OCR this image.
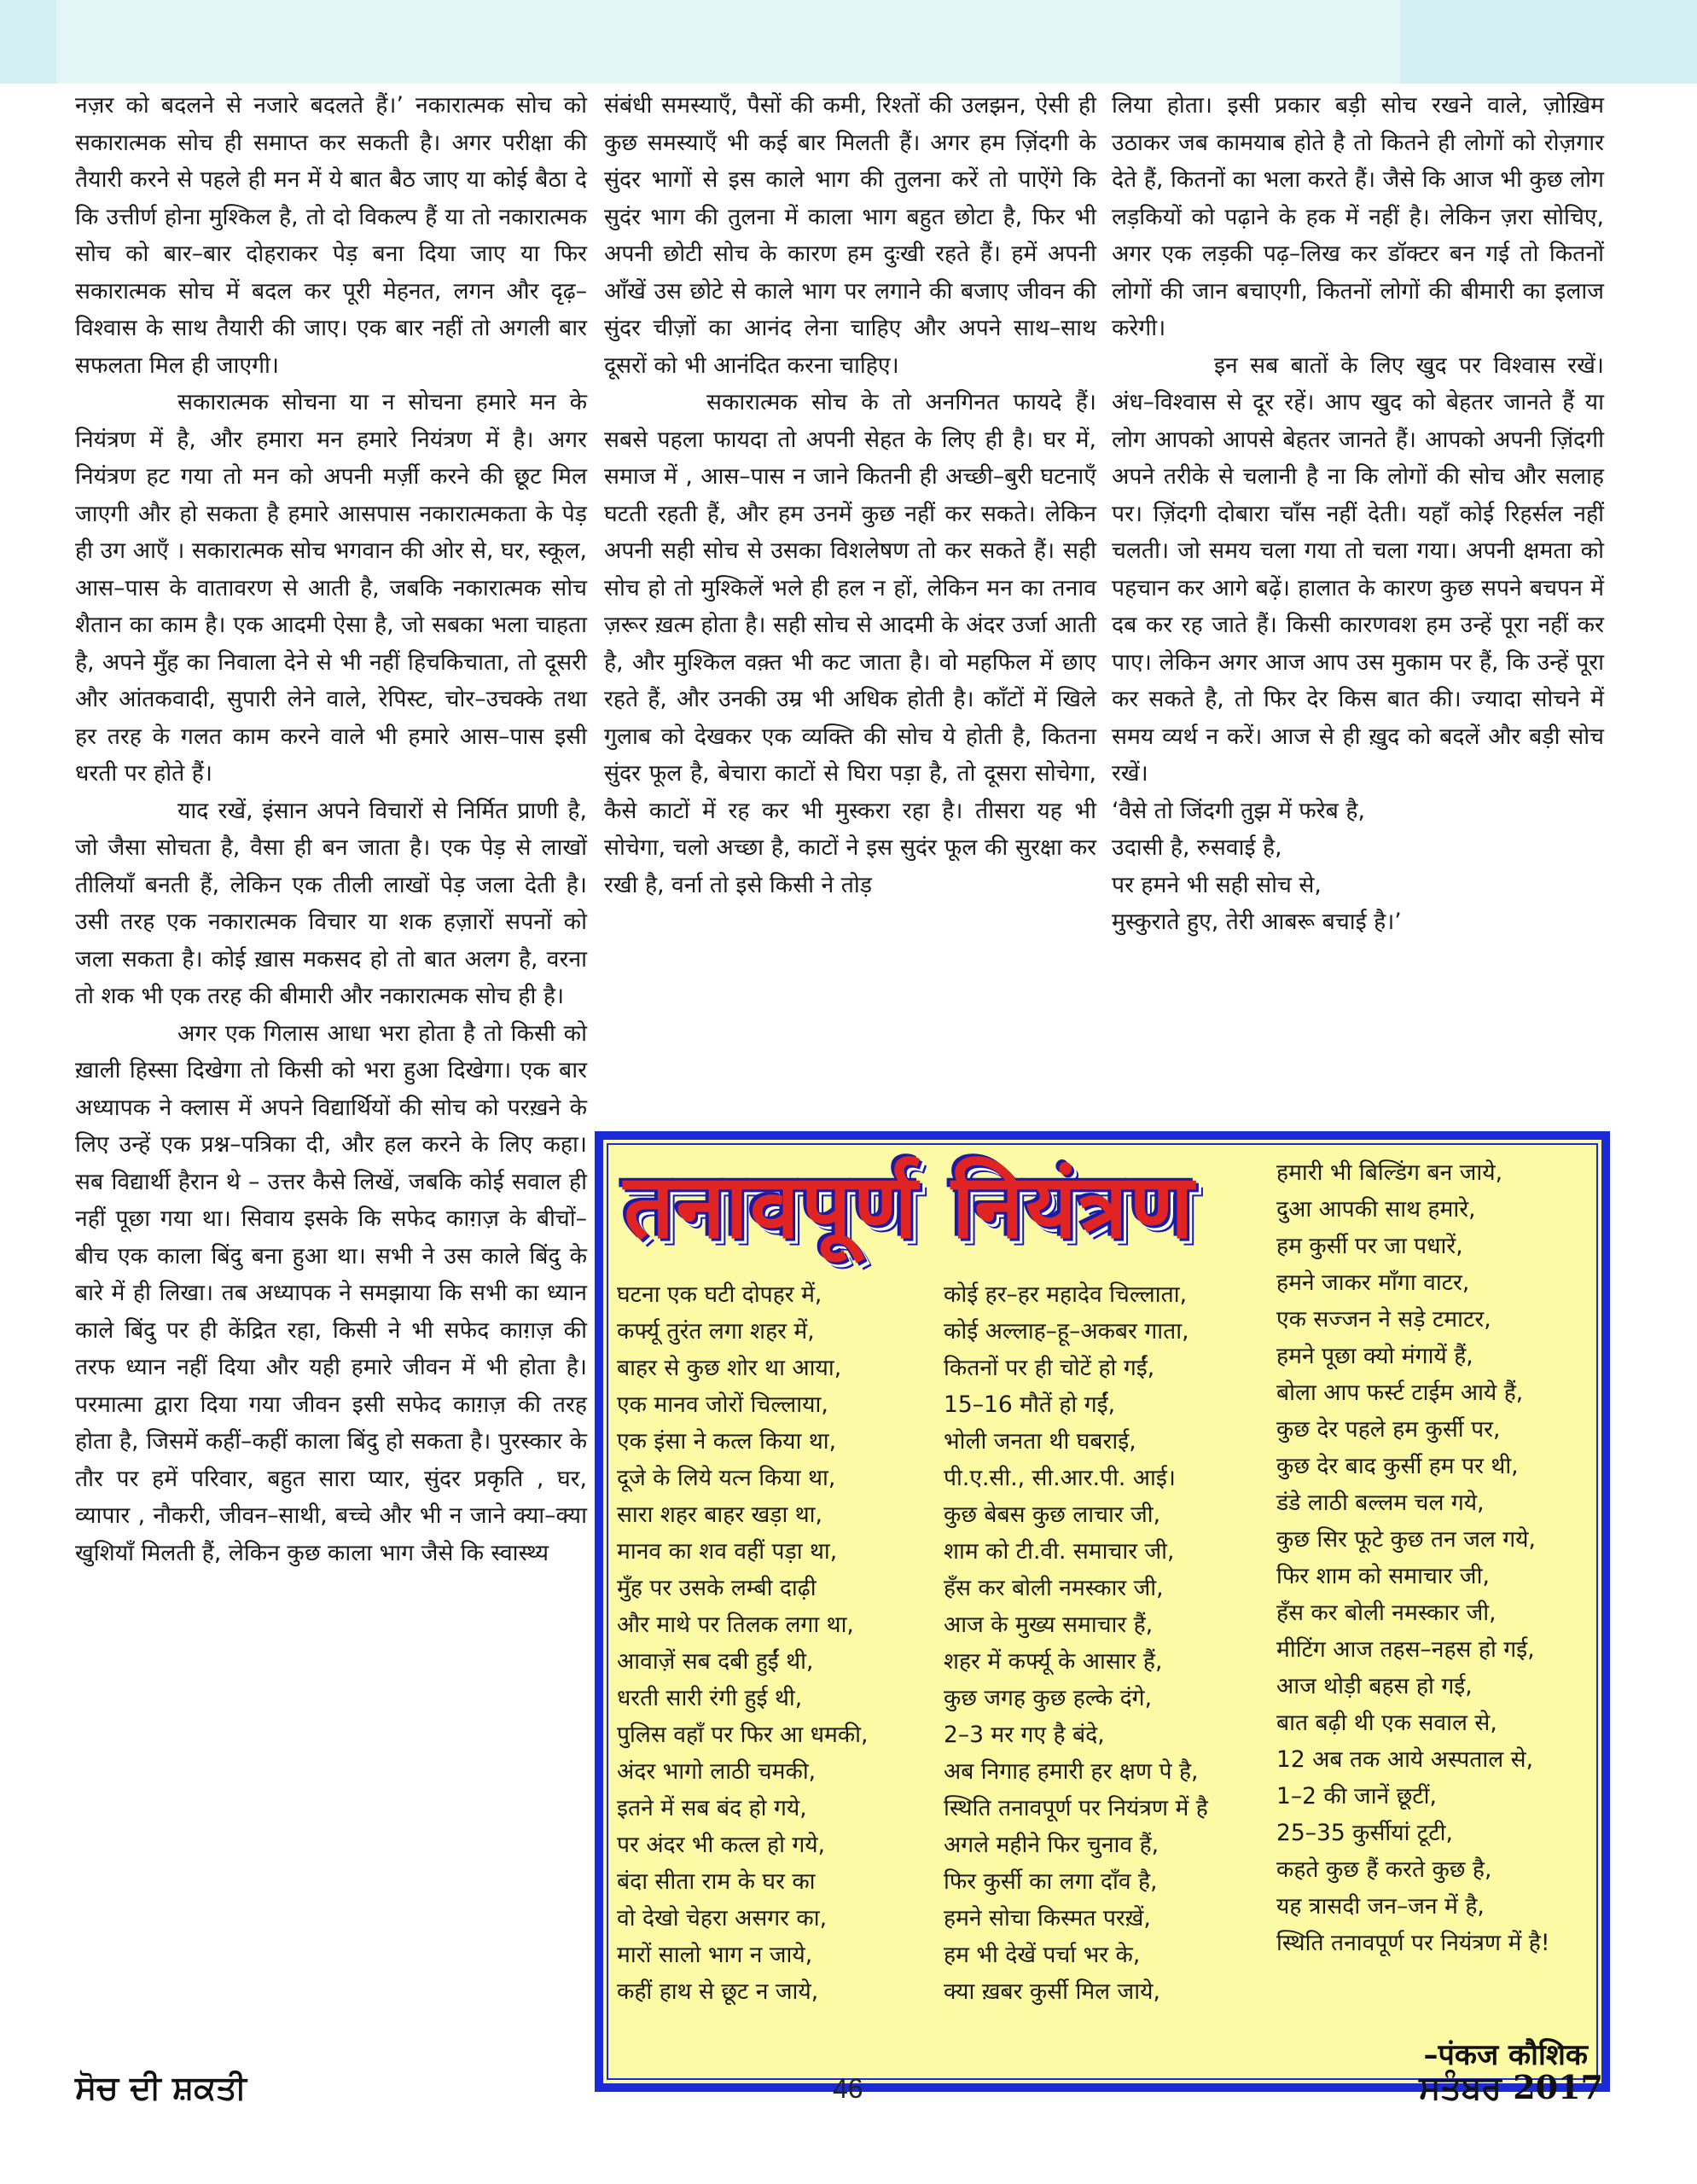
नज़र को बदलने से नजारे बदलते हैं।’ नकारात्मक सोच को सकारात्मक सोच ही समाप्त कर सकती है। अगर परीक्षा की तैयारी करने से पहले ही मन में ये बात बैठ जाए या कोई बैठा दे कि उत्तीर्ण होना मुश्किल है, तो दो विकल्प हैं या तो नकारात्मक सोच को बार–बार दोहराकर पेड़ बना दिया जाए या फिर सकारात्मक सोच में बदल कर पूरी मेहनत, लगन और दृढ़–विश्वास के साथ तैयारी की जाए। एक बार नहीं तो अगली बार सफलता मिल ही जाएगी।

सकारात्मक सोचना या न सोचना हमारे मन के नियंत्रण में है, और हमारा मन हमारे नियंत्रण में है। अगर नियंत्रण हट गया तो मन को अपनी मर्ज़ी करने की छूट मिल जाएगी और हो सकता है हमारे आसपास नकारात्मकता के पेड़ ही उग आएँ । सकारात्मक सोच भगवान की ओर से, घर, स्कूल, आस–पास के वातावरण से आती है, जबकि नकारात्मक सोच शैतान का काम है। एक आदमी ऐसा है, जो सबका भला चाहता है, अपने मुँह का निवाला देने से भी नहीं हिचकिचाता, तो दूसरी और आंतकवादी, सुपारी लेने वाले, रेपिस्ट, चोर–उचक्के तथा हर तरह के गलत काम करने वाले भी हमारे आस–पास इसी धरती पर होते हैं।

याद रखें, इंसान अपने विचारों से निर्मित प्राणी है, जो जैसा सोचता है, वैसा ही बन जाता है। एक पेड़ से लाखों तीलियाँ बनती हैं, लेकिन एक तीली लाखों पेड़ जला देती है। उसी तरह एक नकारात्मक विचार या शक हज़ारों सपनों को जला सकता है। कोई ख़ास मकसद हो तो बात अलग है, वरना तो शक भी एक तरह की बीमारी और नकारात्मक सोच ही है।

अगर एक गिलास आधा भरा होता है तो किसी को ख़ाली हिस्सा दिखेगा तो किसी को भरा हुआ दिखेगा। एक बार अध्यापक ने क्लास में अपने विद्यार्थियों की सोच को परख़ने के लिए उन्हें एक प्रश्न–पत्रिका दी, और हल करने के लिए कहा। सब विद्यार्थी हैरान थे – उत्तर कैसे लिखें, जबकि कोई सवाल ही नहीं पूछा गया था। सिवाय इसके कि सफेद काग़ज़ के बीचों–बीच एक काला बिंदु बना हुआ था। सभी ने उस काले बिंदु के बारे में ही लिखा। तब अध्यापक ने समझाया कि सभी का ध्यान काले बिंदु पर ही केंद्रित रहा, किसी ने भी सफेद काग़ज़ की तरफ ध्यान नहीं दिया और यही हमारे जीवन में भी होता है। परमात्मा द्वारा दिया गया जीवन इसी सफेद काग़ज़ की तरह होता है, जिसमें कहीं–कहीं काला बिंदु हो सकता है। पुरस्कार के तौर पर हमें परिवार, बहुत सारा प्यार, सुंदर प्रकृति , घर, व्यापार , नौकरी, जीवन–साथी, बच्चे और भी न जाने क्या–क्या खुशियाँ मिलती हैं, लेकिन कुछ काला भाग जैसे कि स्वास्थ्य

संबंधी समस्याएँ, पैसों की कमी, रिश्तों की उलझन, ऐसी ही कुछ समस्याएँ भी कई बार मिलती हैं। अगर हम ज़िंदगी के सुंदर भागों से इस काले भाग की तुलना करें तो पाऐंगे कि सुदंर भाग की तुलना में काला भाग बहुत छोटा है, फिर भी अपनी छोटी सोच के कारण हम दुःखी रहते हैं। हमें अपनी आँखें उस छोटे से काले भाग पर लगाने की बजाए जीवन की सुंदर चीज़ों का आनंद लेना चाहिए और अपने साथ–साथ दूसरों को भी आनंदित करना चाहिए।

सकारात्मक सोच के तो अनगिनत फायदे हैं। सबसे पहला फायदा तो अपनी सेहत के लिए ही है। घर में, समाज में , आस–पास न जाने कितनी ही अच्छी–बुरी घटनाएँ घटती रहती हैं, और हम उनमें कुछ नहीं कर सकते। लेकिन अपनी सही सोच से उसका विशलेषण तो कर सकते हैं। सही सोच हो तो मुश्किलें भले ही हल न हों, लेकिन मन का तनाव ज़रूर ख़त्म होता है। सही सोच से आदमी के अंदर उर्जा आती है, और मुश्किल वक़्त भी कट जाता है। वो महफिल में छाए रहते हैं, और उनकी उम्र भी अधिक होती है। काँटों में खिले गुलाब को देखकर एक व्यक्ति की सोच ये होती है, कितना सुंदर फूल है, बेचारा काटों से घिरा पड़ा है, तो दूसरा सोचेगा, कैसे काटों में रह कर भी मुस्करा रहा है। तीसरा यह भी सोचेगा, चलो अच्छा है, काटों ने इस सुदंर फूल की सुरक्षा कर रखी है, वर्ना तो इसे किसी ने तोड़

लिया होता। इसी प्रकार बड़ी सोच रखने वाले, ज़ोख़िम उठाकर जब कामयाब होते है तो कितने ही लोगों को रोज़गार देते हैं, कितनों का भला करते हैं। जैसे कि आज भी कुछ लोग लड़कियों को पढ़ाने के हक में नहीं है। लेकिन ज़रा सोचिए, अगर एक लड़की पढ़–लिख कर डॉक्टर बन गई तो कितनों लोगों की जान बचाएगी, कितनों लोगों की बीमारी का इलाज करेगी।

इन सब बातों के लिए खुद पर विश्वास रखें। अंध–विश्वास से दूर रहें। आप खुद को बेहतर जानते हैं या लोग आपको आपसे बेहतर जानते हैं। आपको अपनी ज़िंदगी अपने तरीके से चलानी है ना कि लोगों की सोच और सलाह पर। ज़िंदगी दोबारा चाँस नहीं देती। यहाँ कोई रिहर्सल नहीं चलती। जो समय चला गया तो चला गया। अपनी क्षमता को पहचान कर आगे बढ़ें। हालात के कारण कुछ सपने बचपन में दब कर रह जाते हैं। किसी कारणवश हम उन्हें पूरा नहीं कर पाए। लेकिन अगर आज आप उस मुकाम पर हैं, कि उन्हें पूरा कर सकते है, तो फिर देर किस बात की। ज्यादा सोचने में समय व्यर्थ न करें। आज से ही ख़ुद को बदलें और बड़ी सोच रखें।

‘वैसे तो जिंदगी तुझ में फरेब है,

उदासी है, रुसवाई है,

पर हमने भी सही सोच से,

मुस्कुराते हुए, तेरी आबरू बचाई है।’

तनावपूर्ण नियंत्रण
घटना एक घटी दोपहर में,
कर्फ्यू तुरंत लगा शहर में,
बाहर से कुछ शोर था आया,
एक मानव जोरों चिल्लाया,
एक इंसा ने कत्ल किया था,
दूजे के लिये यत्न किया था,
सारा शहर बाहर खड़ा था,
मानव का शव वहीं पड़ा था,
मुँह पर उसके लम्बी दाढ़ी
और माथे पर तिलक लगा था,
आवाज़ें सब दबी हुईं थी,
धरती सारी रंगी हुई थी,
पुलिस वहाँ पर फिर आ धमकी,
अंदर भागो लाठी चमकी,
इतने में सब बंद हो गये,
पर अंदर भी कत्ल हो गये,
बंदा सीता राम के घर का
वो देखो चेहरा असगर का,
मारों सालो भाग न जाये,
कहीं हाथ से छूट न जाये,
कोई हर–हर महादेव चिल्लाता,
कोई अल्लाह–हू–अकबर गाता,
कितनों पर ही चोटें हो गईं,
15–16 मौतें हो गईं,
भोली जनता थी घबराई,
पी.ए.सी., सी.आर.पी. आई।
कुछ बेबस कुछ लाचार जी,
शाम को टी.वी. समाचार जी,
हँस कर बोली नमस्कार जी,
आज के मुख्य समाचार हैं,
शहर में कर्फ्यू के आसार हैं,
कुछ जगह कुछ हल्के दंगे,
2–3 मर गए है बंदे,
अब निगाह हमारी हर क्षण पे है,
स्थिति तनावपूर्ण पर नियंत्रण में है
अगले महीने फिर चुनाव हैं,
फिर कुर्सी का लगा दाँव है,
हमने सोचा किस्मत परख़ें,
हम भी देखें पर्चा भर के,
क्या ख़बर कुर्सी मिल जाये,
हमारी भी बिल्डिंग बन जाये,
दुआ आपकी साथ हमारे,
हम कुर्सी पर जा पधारें,
हमने जाकर माँगा वाटर,
एक सज्जन ने सड़े टमाटर,
हमने पूछा क्यो मंगायें हैं,
बोला आप फर्स्ट टाईम आये हैं,
कुछ देर पहले हम कुर्सी पर,
कुछ देर बाद कुर्सी हम पर थी,
डंडे लाठी बल्लम चल गये,
कुछ सिर फूटे कुछ तन जल गये,
फिर शाम को समाचार जी,
हँस कर बोली नमस्कार जी,
मीटिंग आज तहस–नहस हो गई,
आज थोड़ी बहस हो गई,
बात बढ़ी थी एक सवाल से,
12 अब तक आये अस्पताल से,
1–2 की जानें छूटीं,
25–35 कुर्सीयां टूटी,
कहते कुछ हैं करते कुछ है,
यह त्रासदी जन–जन में है,
स्थिति तनावपूर्ण पर नियंत्रण में है!
–पंकज कौशिक
ਸੋਚ ਦੀ ਸ਼ਕਤੀ	46	ਸਤੰਬਰ 2017
